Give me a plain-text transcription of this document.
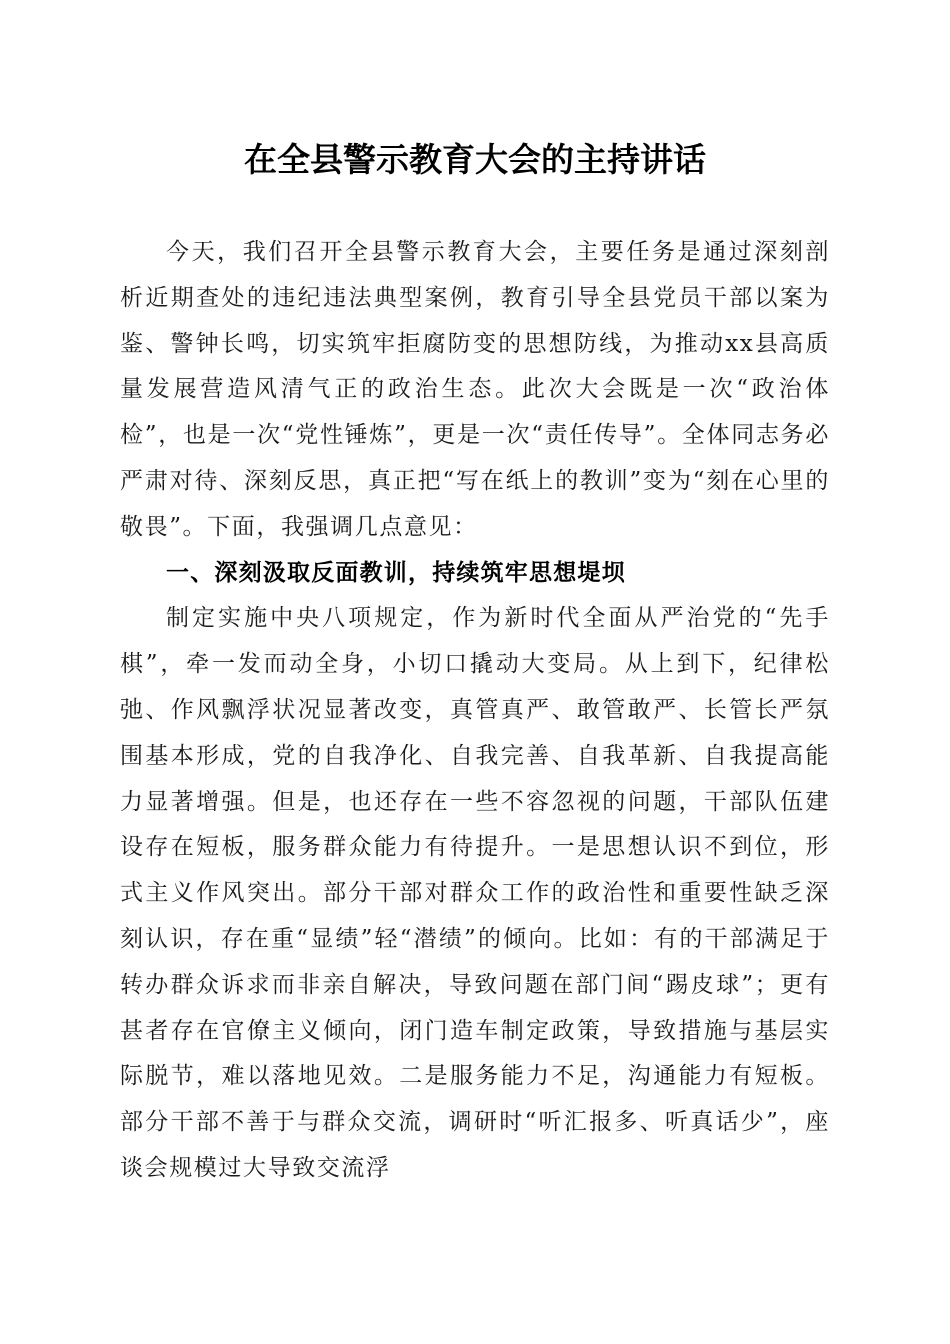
在全县警示教育大会的主持讲话

今天，我们召开全县警示教育大会，主要任务是通过深刻剖析近期查处的违纪违法典型案例，教育引导全县党员干部以案为鉴、警钟长鸣，切实筑牢拒腐防变的思想防线，为推动xx县高质量发展营造风清气正的政治生态。此次大会既是一次“政治体检”，也是一次“党性锤炼”，更是一次“责任传导”。全体同志务必严肃对待、深刻反思，真正把“写在纸上的教训”变为“刻在心里的敬畏”。下面，我强调几点意见：

一、深刻汲取反面教训，持续筑牢思想堤坝

制定实施中央八项规定，作为新时代全面从严治党的“先手棋”，牵一发而动全身，小切口撬动大变局。从上到下，纪律松弛、作风飘浮状况显著改变，真管真严、敢管敢严、长管长严氛围基本形成，党的自我净化、自我完善、自我革新、自我提高能力显著增强。但是，也还存在一些不容忽视的问题，干部队伍建设存在短板，服务群众能力有待提升。一是思想认识不到位，形式主义作风突出。部分干部对群众工作的政治性和重要性缺乏深刻认识，存在重“显绩”轻“潜绩”的倾向。比如：有的干部满足于转办群众诉求而非亲自解决，导致问题在部门间“踢皮球”；更有甚者存在官僚主义倾向，闭门造车制定政策，导致措施与基层实际脱节，难以落地见效。二是服务能力不足，沟通能力有短板。部分干部不善于与群众交流，调研时“听汇报多、听真话少”，座谈会规模过大导致交流浮
